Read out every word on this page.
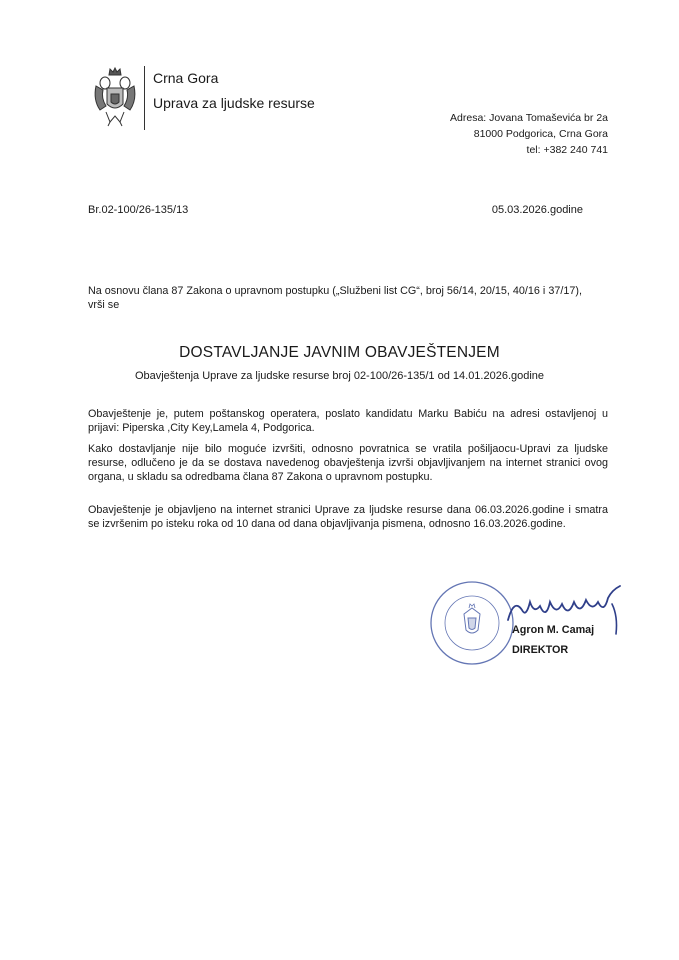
Crna Gora
Uprava za ljudske resurse
Adresa: Jovana Tomaševića br 2a
81000 Podgorica, Crna Gora
tel: +382 240 741
Br.02-100/26-135/13	05.03.2026.godine
Na osnovu člana 87 Zakona o upravnom postupku („Službeni list CG“, broj 56/14, 20/15, 40/16 i 37/17),
vrši se
DOSTAVLJANJE JAVNIM OBAVJEŠTENJEM
Obavještenja Uprave za ljudske resurse broj 02-100/26-135/1 od 14.01.2026.godine
Obavještenje je, putem poštanskog operatera, poslato kandidatu Marku Babiću na adresi ostavljenoj u prijavi: Piperska ,City Key,Lamela 4, Podgorica.
Kako dostavljanje nije bilo moguće izvršiti, odnosno povratnica se vratila pošiljaocu-Upravi za ljudske resurse, odlučeno je da se dostava navedenog obavještenja izvrši objavljivanjem na internet stranici ovog organa, u skladu sa odredbama člana 87 Zakona o upravnom postupku.
Obavještenje je objavljeno na internet stranici Uprave za ljudske resurse dana 06.03.2026.godine i smatra se izvršenim po isteku roka od 10 dana od dana objavljivanja pismena, odnosno 16.03.2026.godine.
Agron M. Camaj
DIREKTOR
